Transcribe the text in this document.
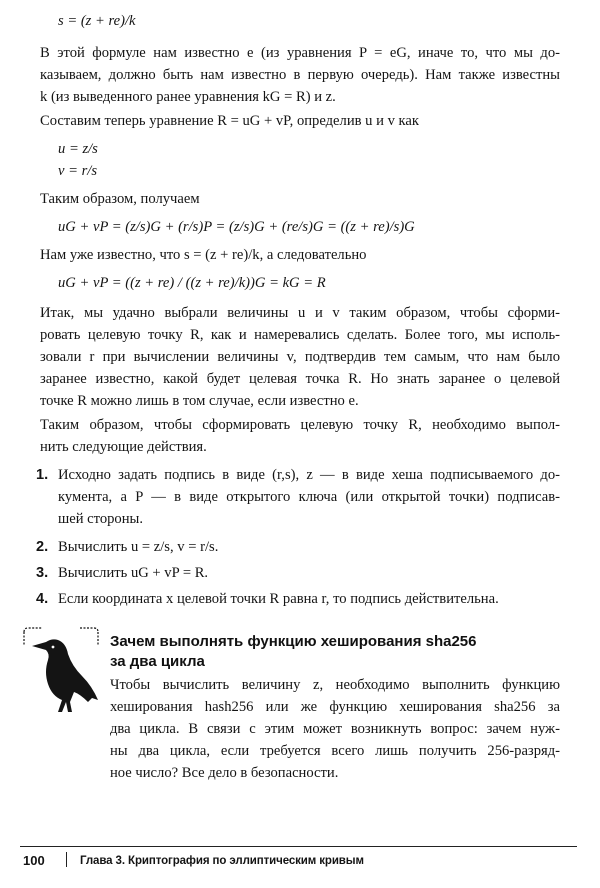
s = (z + re)/k
В этой формуле нам известно e (из уравнения P = eG, иначе то, что мы до-
казываем, должно быть нам известно в первую очередь). Нам также известны
k (из выведенного ранее уравнения kG = R) и z.
Составим теперь уравнение R = uG + vP, определив u и v как
u = z/s
v = r/s
Таким образом, получаем
uG + vP = (z/s)G + (r/s)P = (z/s)G + (re/s)G = ((z + re)/s)G
Нам уже известно, что s = (z + re)/k, а следовательно
uG + vP = ((z + re) / ((z + re)/k))G = kG = R
Итак, мы удачно выбрали величины u и v таким образом, чтобы сформи-
ровать целевую точку R, как и намеревались сделать. Более того, мы исполь-
зовали r при вычислении величины v, подтвердив тем самым, что нам было
заранее известно, какой будет целевая точка R. Но знать заранее о целевой
точке R можно лишь в том случае, если известно e.
Таким образом, чтобы сформировать целевую точку R, необходимо выпол-
нить следующие действия.
1. Исходно задать подпись в виде (r,s), z — в виде хеша подписываемого до-
кумента, а P — в виде открытого ключа (или открытой точки) подписав-
шей стороны.
2. Вычислить u = z/s, v = r/s.
3. Вычислить uG + vP = R.
4. Если координата x целевой точки R равна r, то подпись действительна.
Зачем выполнять функцию хеширования sha256
за два цикла
Чтобы вычислить величину z, необходимо выполнить функцию
хеширования hash256 или же функцию хеширования sha256 за
два цикла. В связи с этим может возникнуть вопрос: зачем нуж-
ны два цикла, если требуется всего лишь получить 256-разряд-
ное число? Все дело в безопасности.
100	Глава 3. Криптография по эллиптическим кривым
